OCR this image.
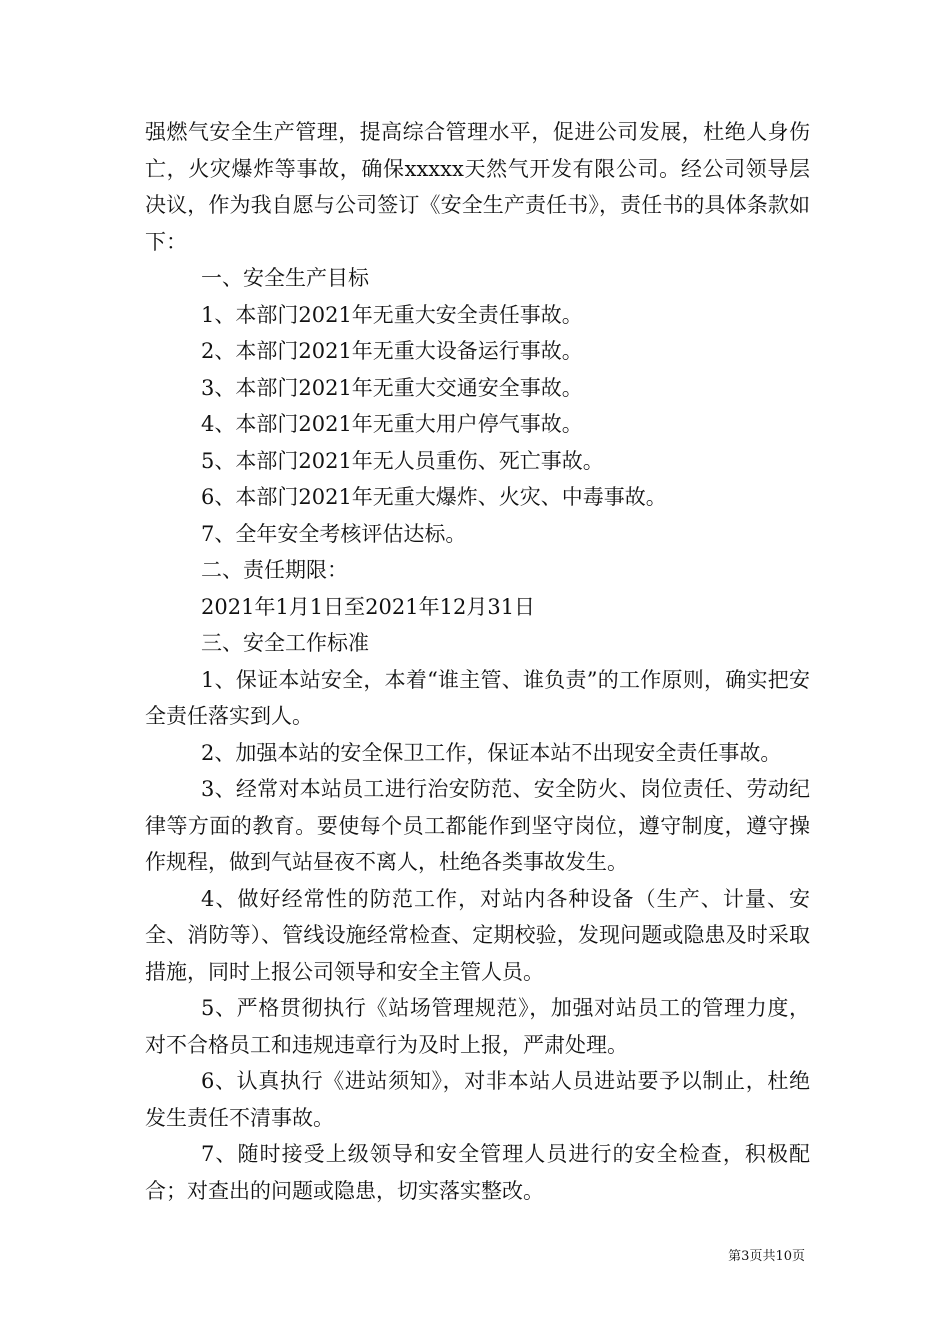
强燃气安全生产管理，提高综合管理水平，促进公司发展，杜绝人身伤亡，火灾爆炸等事故，确保xxxxx天然气开发有限公司。经公司领导层决议，作为我自愿与公司签订《安全生产责任书》，责任书的具体条款如下：

一、安全生产目标

1、本部门2021年无重大安全责任事故。

2、本部门2021年无重大设备运行事故。

3、本部门2021年无重大交通安全事故。

4、本部门2021年无重大用户停气事故。

5、本部门2021年无人员重伤、死亡事故。

6、本部门2021年无重大爆炸、火灾、中毒事故。

7、全年安全考核评估达标。

二、责任期限：

2021年1月1日至2021年12月31日

三、安全工作标准

1、保证本站安全，本着“谁主管、谁负责”的工作原则，确实把安全责任落实到人。

2、加强本站的安全保卫工作，保证本站不出现安全责任事故。

3、经常对本站员工进行治安防范、安全防火、岗位责任、劳动纪律等方面的教育。要使每个员工都能作到坚守岗位，遵守制度，遵守操作规程，做到气站昼夜不离人，杜绝各类事故发生。

4、做好经常性的防范工作，对站内各种设备（生产、计量、安全、消防等）、管线设施经常检查、定期校验，发现问题或隐患及时采取措施，同时上报公司领导和安全主管人员。

5、严格贯彻执行《站场管理规范》，加强对站员工的管理力度，对不合格员工和违规违章行为及时上报，严肃处理。

6、认真执行《进站须知》，对非本站人员进站要予以制止，杜绝发生责任不清事故。

7、随时接受上级领导和安全管理人员进行的安全检查，积极配合；对查出的问题或隐患，切实落实整改。

第3页共10页
